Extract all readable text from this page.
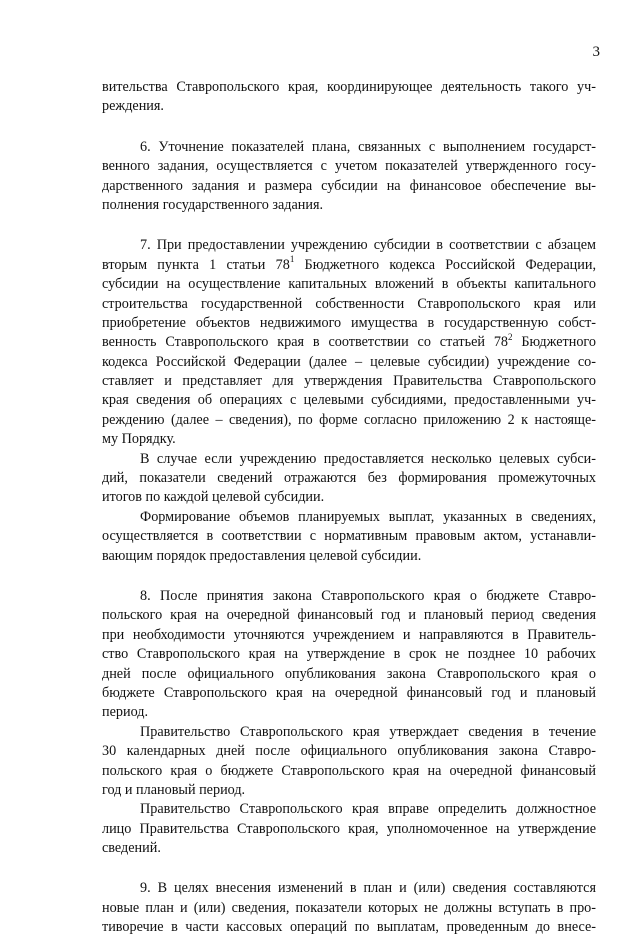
3
вительства Ставропольского края, координирующее деятельность такого уч-
реждения.
6. Уточнение показателей плана, связанных с выполнением государст-
венного задания, осуществляется с учетом показателей утвержденного госу-
дарственного задания и размера субсидии на финансовое обеспечение вы-
полнения государственного задания.
7. При предоставлении учреждению субсидии в соответствии с абзацем
вторым пункта 1 статьи $78^1$ Бюджетного кодекса Российской Федерации,
субсидии на осуществление капитальных вложений в объекты капитального
строительства государственной собственности Ставропольского края или
приобретение объектов недвижимого имущества в государственную собст-
венность Ставропольского края в соответствии со статьей $78^2$ Бюджетного
кодекса Российской Федерации (далее – целевые субсидии) учреждение со-
ставляет и представляет для утверждения Правительства Ставропольского
края сведения об операциях с целевыми субсидиями, предоставленными уч-
реждению (далее – сведения), по форме согласно приложению 2 к настояще-
му Порядку.
В случае если учреждению предоставляется несколько целевых субси-
дий, показатели сведений отражаются без формирования промежуточных
итогов по каждой целевой субсидии.
Формирование объемов планируемых выплат, указанных в сведениях,
осуществляется в соответствии с нормативным правовым актом, устанавли-
вающим порядок предоставления целевой субсидии.
8. После принятия закона Ставропольского края о бюджете Ставро-
польского края на очередной финансовый год и плановый период сведения
при необходимости уточняются учреждением и направляются в Правитель-
ство Ставропольского края на утверждение в срок не позднее 10 рабочих
дней после официального опубликования закона Ставропольского края о
бюджете Ставропольского края на очередной финансовый год и плановый
период.
Правительство Ставропольского края утверждает сведения в течение
30 календарных дней после официального опубликования закона Ставро-
польского края о бюджете Ставропольского края на очередной финансовый
год и плановый период.
Правительство Ставропольского края вправе определить должностное
лицо Правительства Ставропольского края, уполномоченное на утверждение
сведений.
9. В целях внесения изменений в план и (или) сведения составляются
новые план и (или) сведения, показатели которых не должны вступать в про-
тиворечие в части кассовых операций по выплатам, проведенным до внесе-
